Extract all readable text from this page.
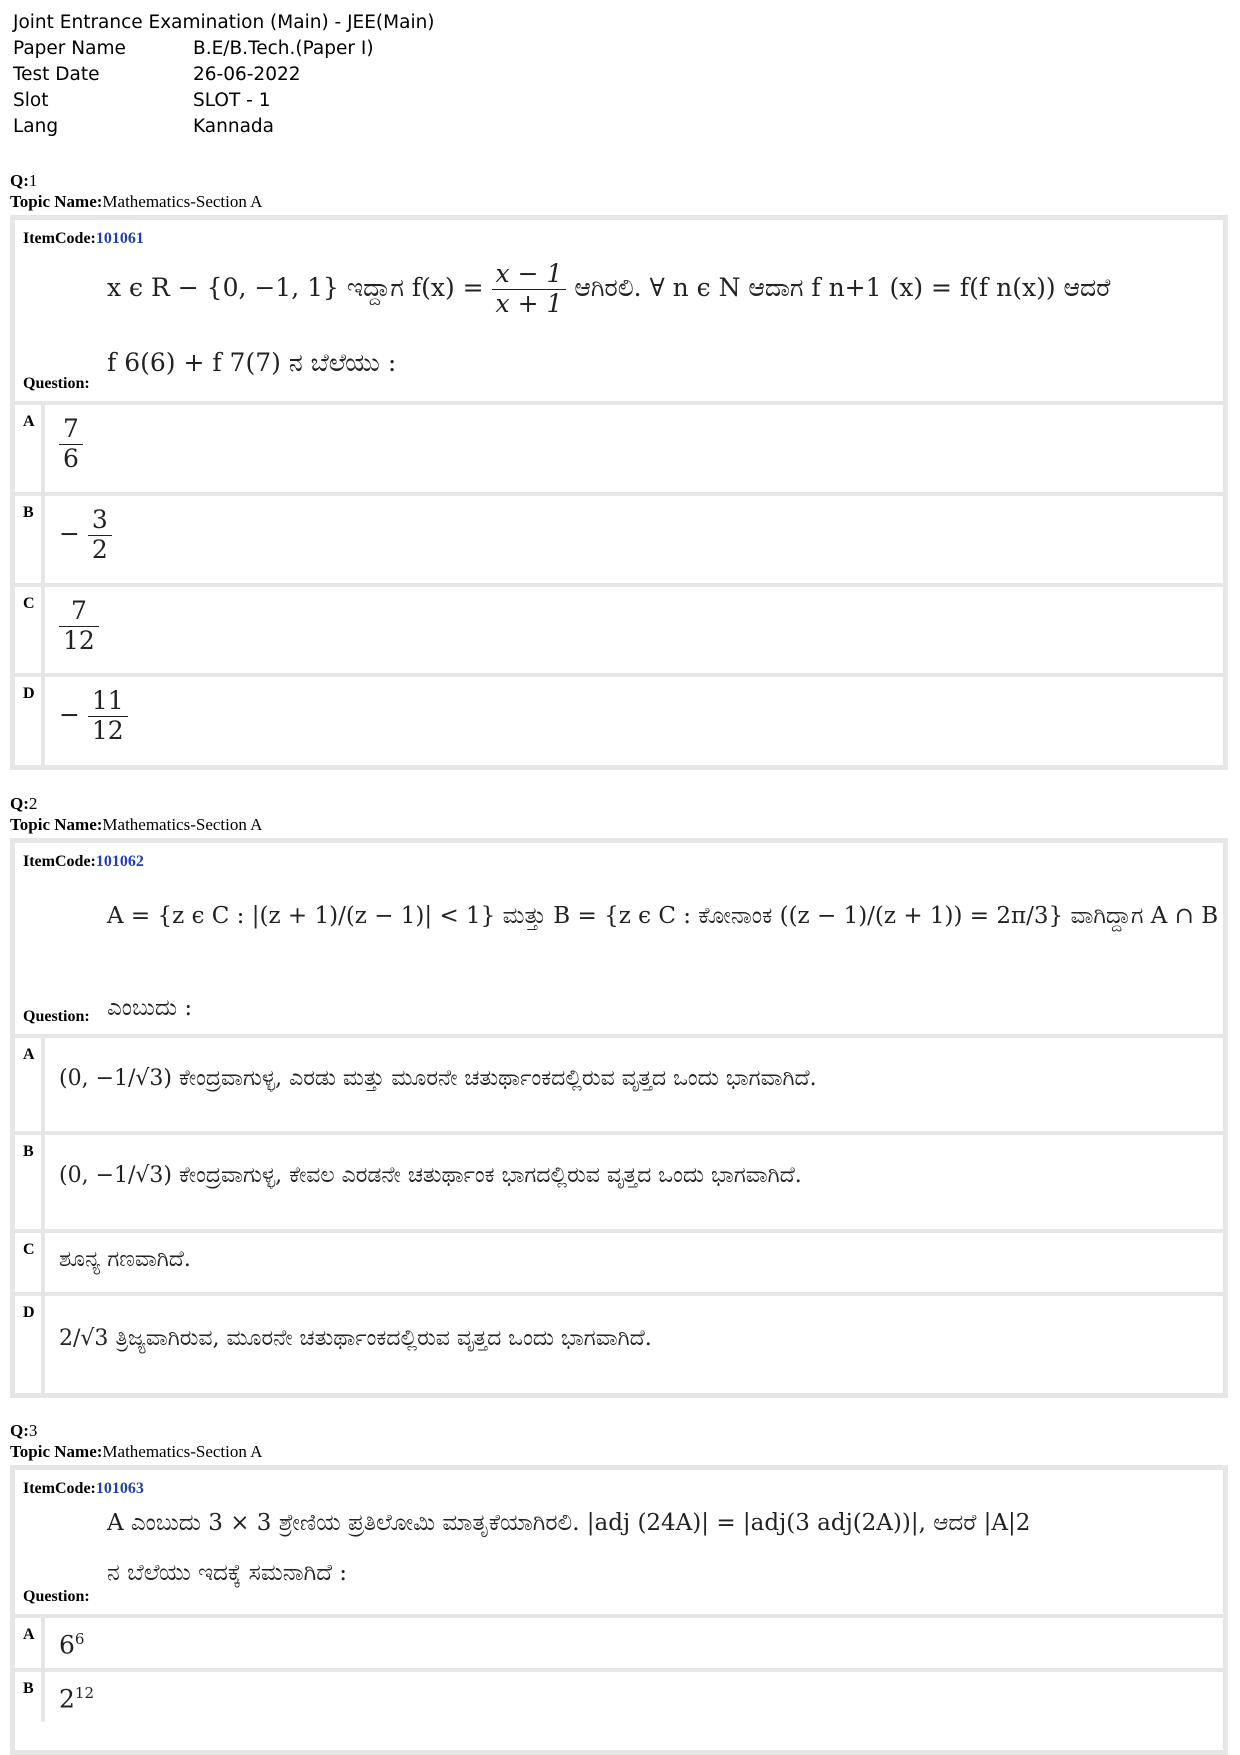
Joint Entrance Examination (Main) - JEE(Main)
Paper Name	B.E/B.Tech.(Paper I)
Test Date	26-06-2022
Slot	SLOT - 1
Lang	Kannada
Q:1
Topic Name:Mathematics-Section A
ItemCode:101061
x ϵ R − {0, −1, 1} ಇದ್ದಾಗ $f(x) = \frac{x - 1}{x + 1}$ ಆಗಿರಲಿ. ∀ n ϵ N ಆದಾಗ f n+1 (x) = f(f n(x)) ಆದರೆ
Question:
f 6(6) + f 7(7) ನ ಬೆಲೆಯು :
A $\frac{7}{6}$
B
− $\frac{3}{2}$
C $\frac{7}{12}$
D
− $\frac{11}{12}$
Q:2
Topic Name:Mathematics-Section A
ItemCode:101062
A = {z ϵ C : |(z + 1)/(z − 1)| < 1} ಮತ್ತು B = {z ϵ C : ಕೋನಾಂಕ ((z − 1)/(z + 1)) = 2π/3} ವಾಗಿದ್ದಾಗ A ∩ B
Question: ಎಂಬುದು :
A
(0, −1/√3) ಕೇಂದ್ರವಾಗುಳ್ಳ, ಎರಡು ಮತ್ತು ಮೂರನೇ ಚತುರ್ಥಾಂಕದಲ್ಲಿರುವ ವೃತ್ತದ ಒಂದು ಭಾಗವಾಗಿದೆ.
B
(0, −1/√3) ಕೇಂದ್ರವಾಗುಳ್ಳ, ಕೇವಲ ಎರಡನೇ ಚತುರ್ಥಾಂಕ ಭಾಗದಲ್ಲಿರುವ ವೃತ್ತದ ಒಂದು ಭಾಗವಾಗಿದೆ.
C	ಶೂನ್ಯ ಗಣವಾಗಿದೆ.
D
2/√3 ತ್ರಿಜ್ಯವಾಗಿರುವ, ಮೂರನೇ ಚತುರ್ಥಾಂಕದಲ್ಲಿರುವ ವೃತ್ತದ ಒಂದು ಭಾಗವಾಗಿದೆ.
Q:3
Topic Name:Mathematics-Section A
ItemCode:101063
A ಎಂಬುದು 3 × 3 ಶ್ರೇಣಿಯ ಪ್ರತಿಲೋಮಿ ಮಾತೃಕೆಯಾಗಿರಲಿ. |adj (24A)| = |adj(3 adj(2A))|, ಆದರೆ |A|2
Question:
ನ ಬೆಲೆಯು ಇದಕ್ಕೆ ಸಮನಾಗಿದೆ :
A $6^6$
B	$2^{12}$
